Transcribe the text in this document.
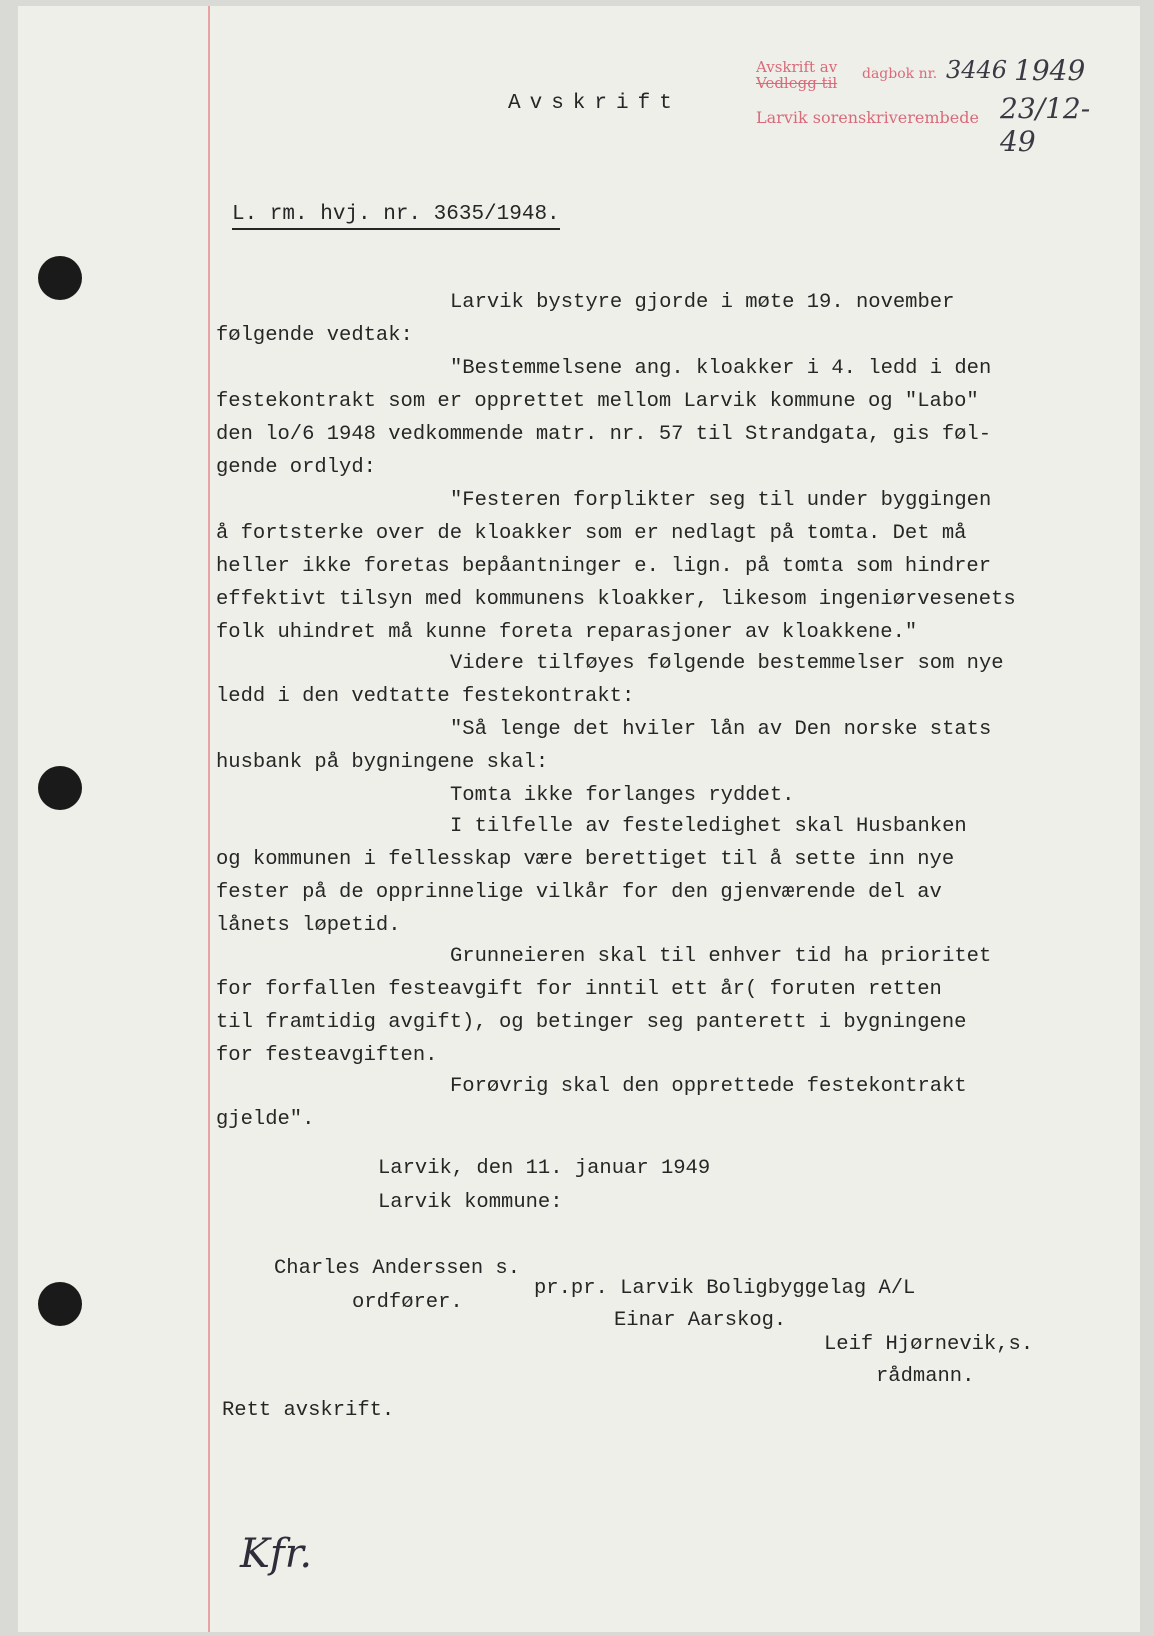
Avskrift av
Vedlegg til dagbok nr. 3446 1949
Larvik sorenskriverembede 23/12-49
Avskrift
L. rm. hvj. nr. 3635/1948.
Larvik bystyre gjorde i møte 19. november
følgende vedtak:
"Bestemmelsene ang. kloakker i 4. ledd i den
festekontrakt som er opprettet mellom Larvik kommune og "Labo"
den lo/6 1948 vedkommende matr. nr. 57 til Strandgata, gis føl-
gende ordlyd:
"Festeren forplikter seg til under byggingen
å fortsterke over de kloakker som er nedlagt på tomta. Det må
heller ikke foretas bepåantninger e. lign. på tomta som hindrer
effektivt tilsyn med kommunens kloakker, likesom ingeniørvesenets
folk uhindret må kunne foreta reparasjoner av kloakkene."
Videre tilføyes følgende bestemmelser som nye
ledd i den vedtatte festekontrakt:
"Så lenge det hviler lån av Den norske stats
husbank på bygningene skal:
Tomta ikke forlanges ryddet.
I tilfelle av festeledighet skal Husbanken
og kommunen i fellesskap være berettiget til å sette inn nye
fester på de opprinnelige vilkår for den gjenværende del av
lånets løpetid.
Grunneieren skal til enhver tid ha prioritet
for forfallen festeavgift for inntil ett år( foruten retten
til framtidig avgift), og betinger seg panterett i bygningene
for festeavgiften.
Forøvrig skal den opprettede festekontrakt
gjelde".
Larvik, den 11. januar 1949
Larvik kommune:
Charles Anderssen s.
ordfører.
pr.pr. Larvik Boligbyggelag A/L
Einar Aarskog.
Leif Hjørnevik,s.
rådmann.
Rett avskrift.
Kfr.
